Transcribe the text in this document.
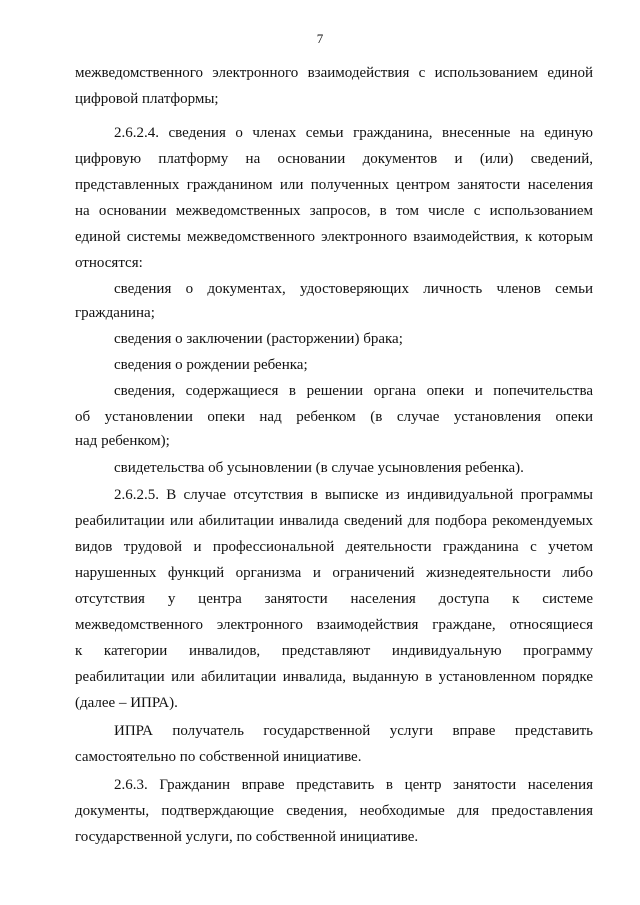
7
межведомственного электронного взаимодействия с использованием единой
цифровой платформы;
2.6.2.4. сведения о членах семьи гражданина, внесенные на единую
цифровую платформу на основании документов и (или) сведений,
представленных гражданином или полученных центром занятости населения
на основании межведомственных запросов, в том числе с использованием
единой системы межведомственного электронного взаимодействия, к которым
относятся:
сведения о документах, удостоверяющих личность членов семьи
гражданина;
сведения о заключении (расторжении) брака;
сведения о рождении ребенка;
сведения, содержащиеся в решении органа опеки и попечительства
об установлении опеки над ребенком (в случае установления опеки
над ребенком);
свидетельства об усыновлении (в случае усыновления ребенка).
2.6.2.5. В случае отсутствия в выписке из индивидуальной программы
реабилитации или абилитации инвалида сведений для подбора рекомендуемых
видов трудовой и профессиональной деятельности гражданина с учетом
нарушенных функций организма и ограничений жизнедеятельности либо
отсутствия у центра занятости населения доступа к системе
межведомственного электронного взаимодействия граждане, относящиеся
к категории инвалидов, представляют индивидуальную программу
реабилитации или абилитации инвалида, выданную в установленном порядке
(далее – ИПРА).
ИПРА получатель государственной услуги вправе представить
самостоятельно по собственной инициативе.
2.6.3. Гражданин вправе представить в центр занятости населения
документы, подтверждающие сведения, необходимые для предоставления
государственной услуги, по собственной инициативе.
